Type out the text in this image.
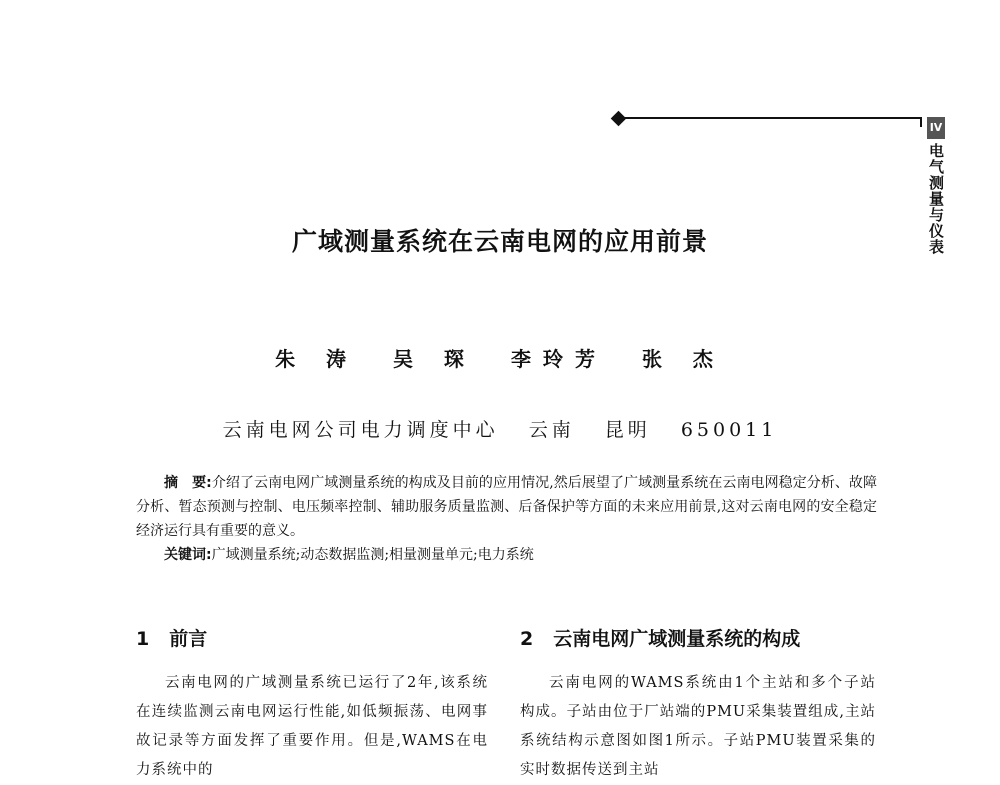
IV
电气测量与仪表
广域测量系统在云南电网的应用前景
朱 涛 吴 琛 李玲芳 张 杰
云南电网公司电力调度中心 云南 昆明 650011

摘　要:介绍了云南电网广域测量系统的构成及目前的应用情况,然后展望了广域测量系统在云南电网稳定分析、故障分析、暂态预测与控制、电压频率控制、辅助服务质量监测、后备保护等方面的未来应用前景,这对云南电网的安全稳定经济运行具有重要的意义。

关键词:广域测量系统;动态数据监测;相量测量单元;电力系统

1 前言

云南电网的广域测量系统已运行了2年,该系统在连续监测云南电网运行性能,如低频振荡、电网事故记录等方面发挥了重要作用。但是,WAMS在电力系统中的

2 云南电网广域测量系统的构成

云南电网的WAMS系统由1个主站和多个子站构成。子站由位于厂站端的PMU采集装置组成,主站系统结构示意图如图1所示。子站PMU装置采集的实时数据传送到主站
